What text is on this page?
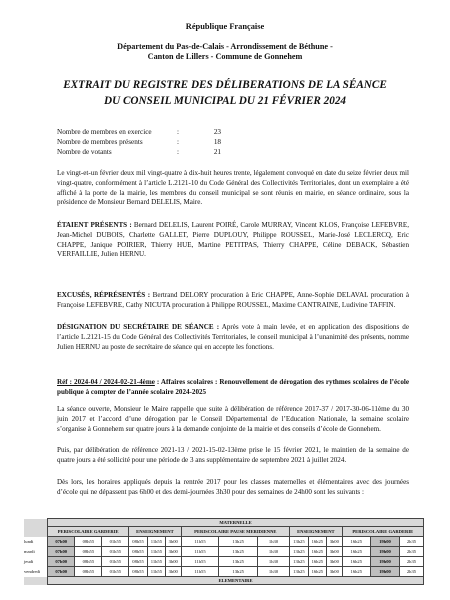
République Française
Département du Pas-de-Calais - Arrondissement de Béthune -
Canton de Lillers - Commune de Gonnehem
EXTRAIT DU REGISTRE DES DÉLIBERATIONS DE LA SÉANCE
DU CONSEIL MUNICIPAL DU 21 FÉVRIER 2024
Nombre de membres en exercice	:	23
Nombre de membres présents	:	18
Nombre de votants	:	21
Le vingt-et-un février deux mil vingt-quatre à dix-huit heures trente, légalement convoqué en date du seize février deux mil vingt-quatre, conformément à l’article L.2121-10 du Code Général des Collectivités Territoriales, dont un exemplaire a été affiché à la porte de la mairie, les membres du conseil municipal se sont réunis en mairie, en séance ordinaire, sous la présidence de Monsieur Bernard DELELIS, Maire.
ÉTAIENT PRÉSENTS : Bernard DELELIS, Laurent POIRÉ, Carole MURRAY, Vincent KLOS, Françoise LEFEBVRE, Jean-Michel DUBOIS, Charlette GALLET, Pierre DUPLOUY, Philippe ROUSSEL, Marie-José LECLERCQ, Eric CHAPPE, Janique POIRIER, Thierry HUE, Martine PETITPAS, Thierry CHAPPE, Céline DEBACK, Sébastien VERFAILLIE, Julien HERNU.
EXCUSÉS, RÉPRÉSENTÉS : Bertrand DELORY procuration à Eric CHAPPE, Anne-Sophie DELAVAL procuration à Françoise LEFEBVRE, Cathy NICUTA procuration à Philippe ROUSSEL, Maxime CANTRAINE, Ludivine TAFFIN.
DÉSIGNATION DU SECRÉTAIRE DE SÉANCE : Après vote à main levée, et en application des dispositions de l’article L.2121-15 du Code Général des Collectivités Territoriales, le conseil municipal à l’unanimité des présents, nomme Julien HERNU au poste de secrétaire de séance qui en accepte les fonctions.
Réf : 2024-04 / 2024-02-21-4ème : Affaires scolaires : Renouvellement de dérogation des rythmes scolaires de l’école publique à compter de l’année scolaire 2024-2025
La séance ouverte, Monsieur le Maire rappelle que suite à délibération de référence 2017-37 / 2017-30-06-11ème du 30 juin 2017 et l’accord d’une dérogation par le Conseil Départemental de l’Education Nationale, la semaine scolaire s’organise à Gonnehem sur quatre jours à la demande conjointe de la mairie et des conseils d’école de Gonnehem.
Puis, par délibération de référence 2021-13 / 2021-15-02-13ème prise le 15 février 2021, le maintien de la semaine de quatre jours a été sollicité pour une période de 3 ans supplémentaire de septembre 2021 à juillet 2024.
Dès lors, les horaires appliqués depuis la rentrée 2017 pour les classes maternelles et élémentaires avec des journées d’école qui ne dépassent pas 6h00 et des demi-journées 3h30 pour des semaines de 24h00 sont les suivants :
	MATERNELLE														
	PERISCOLAIRE GARDERIE			ENSEIGNEMENT			PERISCOLAIRE PAUSE MERIDIENNE			ENSEIGNEMENT			PERISCOLAIRE GARDERIE		
lundi	07h00	08h55	01h55	08h55	11h55	3h00	11h55	13h25	1h30	13h25	16h25	3h00	16h25	19h00	2h35
mardi	07h00	08h55	01h55	08h55	11h55	3h00	11h55	13h25	1h30	13h25	16h25	3h00	16h25	19h00	2h35
jeudi	07h00	08h55	01h55	08h55	11h55	3h00	11h55	13h25	1h30	13h25	16h25	3h00	16h25	19h00	2h35
vendredi	07h00	08h55	01h55	08h55	11h55	3h00	11h55	13h25	1h30	13h25	16h25	3h00	16h25	19h00	2h35
	ELEMENTAIRE														
